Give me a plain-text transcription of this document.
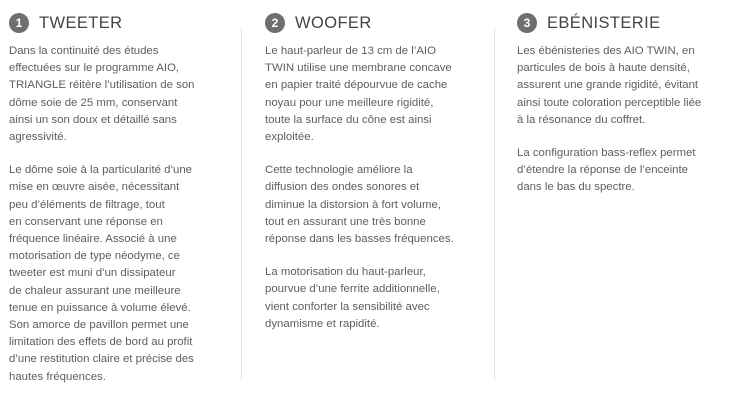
1	TWEETER

Dans la continuité des études
effectuées sur le programme AIO,
TRIANGLE réitère l’utilisation de son
dôme soie de 25 mm, conservant
ainsi un son doux et détaillé sans
agressivité.

Le dôme soie à la particularité d’une
mise en œuvre aisée, nécessitant
peu d’éléments de filtrage, tout
en conservant une réponse en
fréquence linéaire. Associé à une
motorisation de type néodyme, ce
tweeter est muni d’un dissipateur
de chaleur assurant une meilleure
tenue en puissance à volume élevé.
Son amorce de pavillon permet une
limitation des effets de bord au profit
d’une restitution claire et précise des
hautes fréquences.

2	WOOFER

Le haut-parleur de 13 cm de l’AIO
TWIN utilise une membrane concave
en papier traité dépourvue de cache
noyau pour une meilleure rigidité,
toute la surface du cône est ainsi
exploitée.

Cette technologie améliore la
diffusion des ondes sonores et
diminue la distorsion à fort volume,
tout en assurant une très bonne
réponse dans les basses fréquences.

La motorisation du haut-parleur,
pourvue d’une ferrite additionnelle,
vient conforter la sensibilité avec
dynamisme et rapidité.

3	EBÉNISTERIE

Les ébénisteries des AIO TWIN, en
particules de bois à haute densité,
assurent une grande rigidité, évitant
ainsi toute coloration perceptible liée
à la résonance du coffret.

La configuration bass-reflex permet
d’étendre la réponse de l’enceinte
dans le bas du spectre.
